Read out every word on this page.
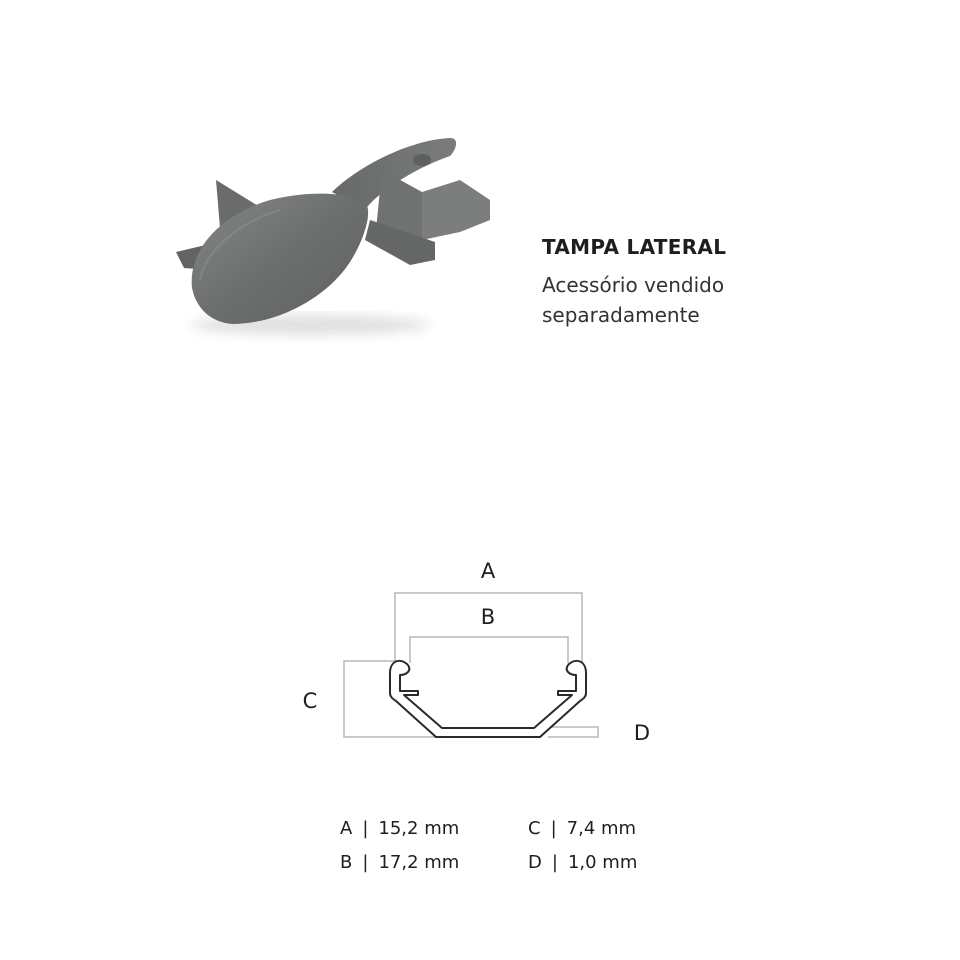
TAMPA LATERAL

Acessório vendido
separadamente

A
B
C
D
A | 15,2 mm
B | 17,2 mm
C | 7,4 mm
D | 1,0 mm
